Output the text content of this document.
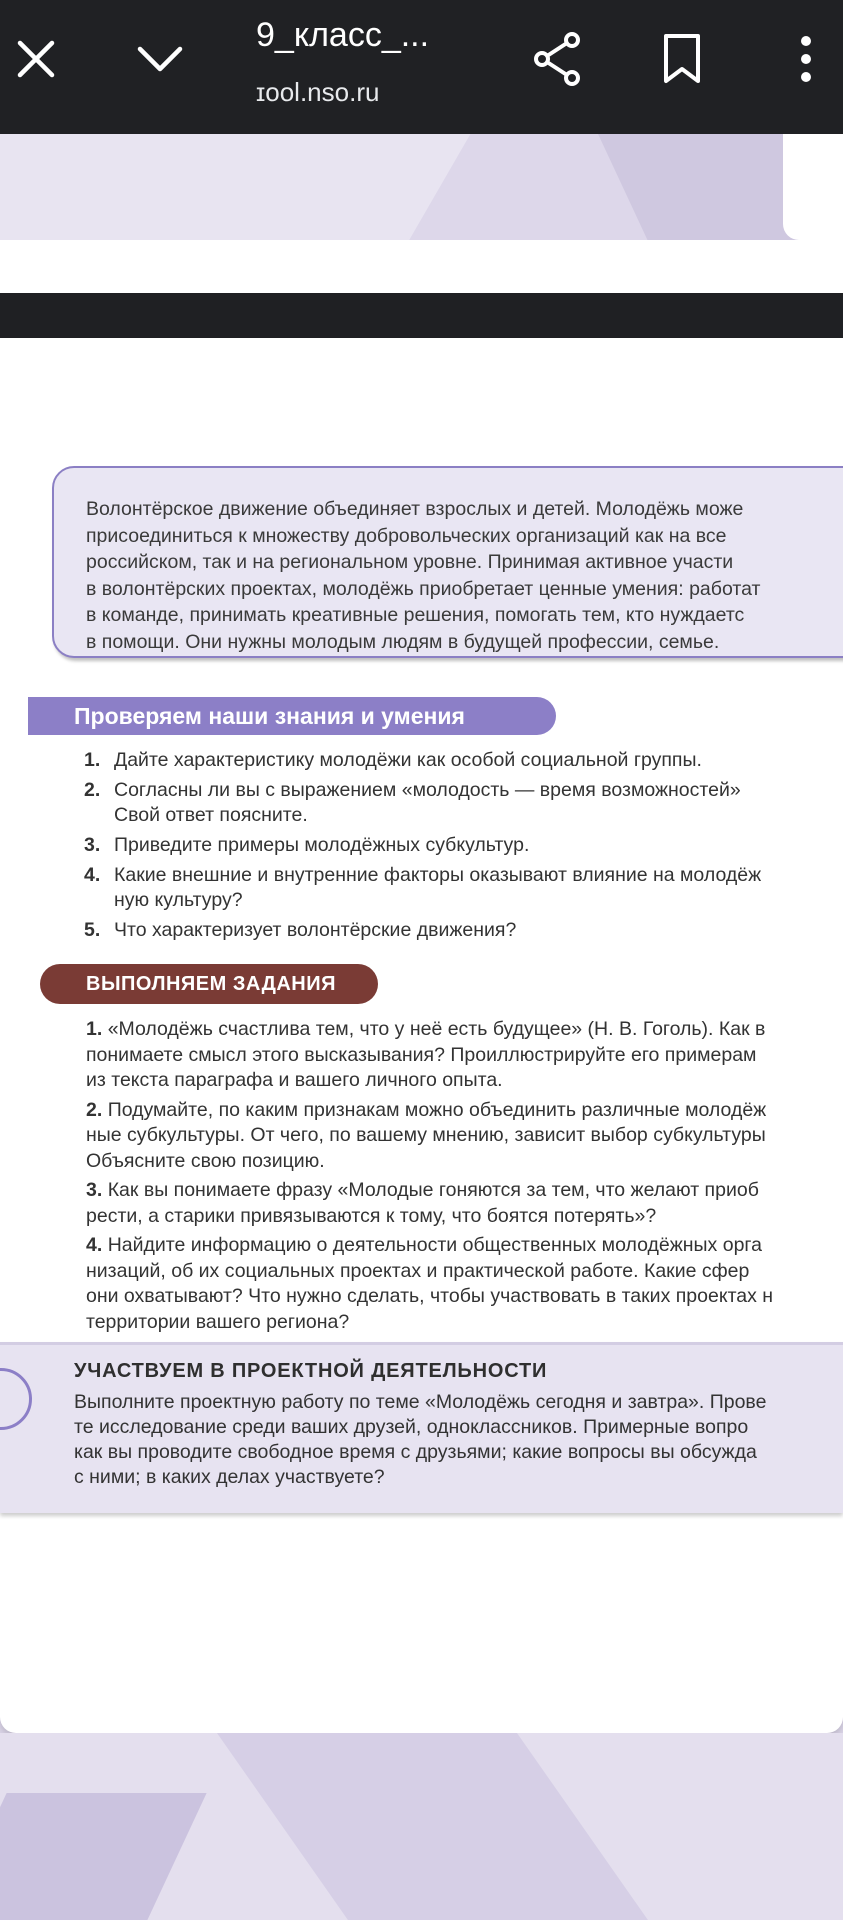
9_класс_...
ɪool.nso.ru
Волонтёрское движение объединяет взрослых и детей. Молодёжь може
присоединиться к множеству добровольческих организаций как на все
российском, так и на региональном уровне. Принимая активное участи
в волонтёрских проектах, молодёжь приобретает ценные умения: работат
в команде, принимать креативные решения, помогать тем, кто нуждаетс
в помощи. Они нужны молодым людям в будущей профессии, семье.
Проверяем наши знания и умения
1. Дайте характеристику молодёжи как особой социальной группы.
2. Согласны ли вы с выражением «молодость — время возможностей»
Свой ответ поясните.
3. Приведите примеры молодёжных субкультур.
4. Какие внешние и внутренние факторы оказывают влияние на молодёж
ную культуру?
5. Что характеризует волонтёрские движения?
ВЫПОЛНЯЕМ ЗАДАНИЯ
1. «Молодёжь счастлива тем, что у неё есть будущее» (Н. В. Гоголь). Как в
понимаете смысл этого высказывания? Проиллюстрируйте его примерам
из текста параграфа и вашего личного опыта.
2. Подумайте, по каким признакам можно объединить различные молодёж
ные субкультуры. От чего, по вашему мнению, зависит выбор субкультуры
Объясните свою позицию.
3. Как вы понимаете фразу «Молодые гоняются за тем, что желают приоб
рести, а старики привязываются к тому, что боятся потерять»?
4. Найдите информацию о деятельности общественных молодёжных орга
низаций, об их социальных проектах и практической работе. Какие сфер
они охватывают? Что нужно сделать, чтобы участвовать в таких проектах н
территории вашего региона?
УЧАСТВУЕМ В ПРОЕКТНОЙ ДЕЯТЕЛЬНОСТИ
Выполните проектную работу по теме «Молодёжь сегодня и завтра». Прове
те исследование среди ваших друзей, одноклассников. Примерные вопро
как вы проводите свободное время с друзьями; какие вопросы вы обсужда
с ними; в каких делах участвуете?
